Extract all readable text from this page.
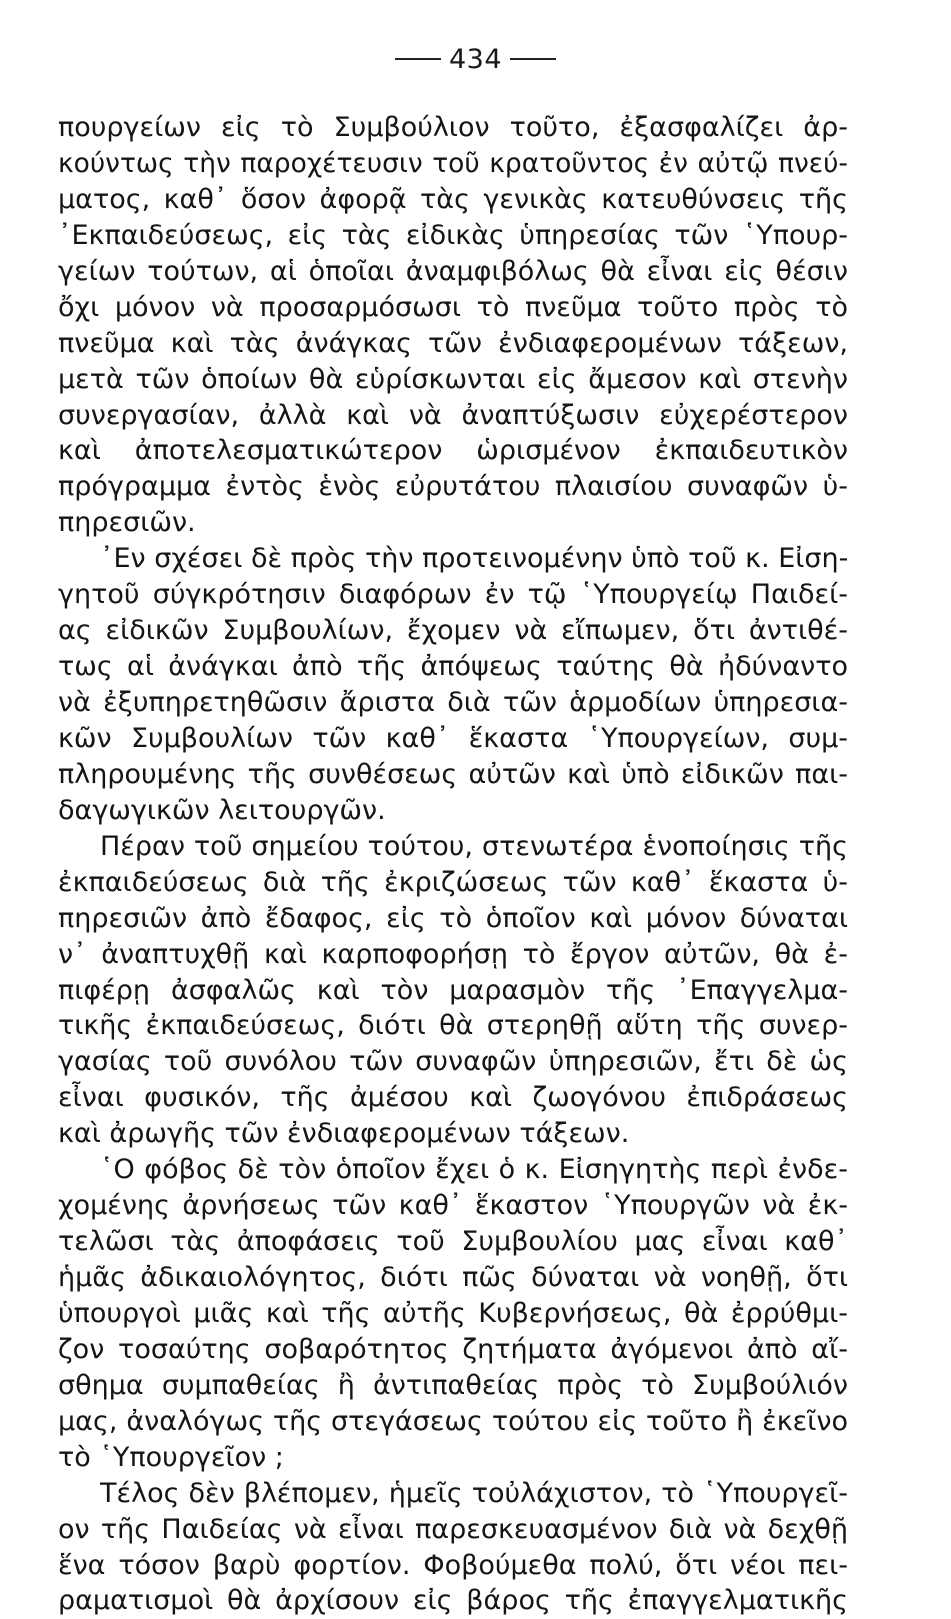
434
πουργείων εἰς τὸ Συμβούλιον τοῦτο, ἐξασφαλίζει ἀρ-
κούντως τὴν παροχέτευσιν τοῦ κρατοῦντος ἐν αὐτῷ πνεύ-
ματος, καθ᾽ ὅσον ἀφορᾷ τὰς γενικὰς κατευθύνσεις τῆς
᾽Εκπαιδεύσεως, εἰς τὰς εἰδικὰς ὑπηρεσίας τῶν ῾Υπουρ-
γείων τούτων, αἱ ὁποῖαι ἀναμφιβόλως θὰ εἶναι εἰς θέσιν
ὄχι μόνον νὰ προσαρμόσωσι τὸ πνεῦμα τοῦτο πρὸς τὸ
πνεῦμα καὶ τὰς ἀνάγκας τῶν ἐνδιαφερομένων τάξεων,
μετὰ τῶν ὁποίων θὰ εὑρίσκωνται εἰς ἄμεσον καὶ στενὴν
συνεργασίαν, ἀλλὰ καὶ νὰ ἀναπτύξωσιν εὐχερέστερον
καὶ ἀποτελεσματικώτερον ὡρισμένον ἐκπαιδευτικὸν
πρόγραμμα ἐντὸς ἑνὸς εὐρυτάτου πλαισίου συναφῶν ὑ-
πηρεσιῶν.
᾽Εν σχέσει δὲ πρὸς τὴν προτεινομένην ὑπὸ τοῦ κ. Εἰση-
γητοῦ σύγκρότησιν διαφόρων ἐν τῷ ῾Υπουργείῳ Παιδεί-
ας εἰδικῶν Συμβουλίων, ἔχομεν νὰ εἴπωμεν, ὅτι ἀντιθέ-
τως αἱ ἀνάγκαι ἀπὸ τῆς ἀπόψεως ταύτης θὰ ἠδύναντο
νὰ ἐξυπηρετηθῶσιν ἄριστα διὰ τῶν ἁρμοδίων ὑπηρεσια-
κῶν Συμβουλίων τῶν καθ᾽ ἕκαστα ῾Υπουργείων, συμ-
πληρουμένης τῆς συνθέσεως αὐτῶν καὶ ὑπὸ εἰδικῶν παι-
δαγωγικῶν λειτουργῶν.
Πέραν τοῦ σημείου τούτου, στενωτέρα ἑνοποίησις τῆς
ἐκπαιδεύσεως διὰ τῆς ἐκριζώσεως τῶν καθ᾽ ἕκαστα ὑ-
πηρεσιῶν ἀπὸ ἔδαφος, εἰς τὸ ὁποῖον καὶ μόνον δύναται
ν᾽ ἀναπτυχθῇ καὶ καρποφορήσῃ τὸ ἔργον αὐτῶν, θὰ ἐ-
πιφέρῃ ἀσφαλῶς καὶ τὸν μαρασμὸν τῆς ᾽Επαγγελμα-
τικῆς ἐκπαιδεύσεως, διότι θὰ στερηθῇ αὕτη τῆς συνερ-
γασίας τοῦ συνόλου τῶν συναφῶν ὑπηρεσιῶν, ἔτι δὲ ὡς
εἶναι φυσικόν, τῆς ἀμέσου καὶ ζωογόνου ἐπιδράσεως
καὶ ἀρωγῆς τῶν ἐνδιαφερομένων τάξεων.
῾Ο φόβος δὲ τὸν ὁποῖον ἔχει ὁ κ. Εἰσηγητὴς περὶ ἐνδε-
χομένης ἀρνήσεως τῶν καθ᾽ ἕκαστον ῾Υπουργῶν νὰ ἐκ-
τελῶσι τὰς ἀποφάσεις τοῦ Συμβουλίου μας εἶναι καθ᾽
ἡμᾶς ἀδικαιολόγητος, διότι πῶς δύναται νὰ νοηθῇ, ὅτι
ὑπουργοὶ μιᾶς καὶ τῆς αὐτῆς Κυβερνήσεως, θὰ ἐρρύθμι-
ζον τοσαύτης σοβαρότητος ζητήματα ἀγόμενοι ἀπὸ αἴ-
σθημα συμπαθείας ἢ ἀντιπαθείας πρὸς τὸ Συμβούλιόν
μας, ἀναλόγως τῆς στεγάσεως τούτου εἰς τοῦτο ἢ ἐκεῖνο
τὸ ῾Υπουργεῖον ;
Τέλος δὲν βλέπομεν, ἡμεῖς τοὐλάχιστον, τὸ ῾Υπουργεῖ-
ον τῆς Παιδείας νὰ εἶναι παρεσκευασμένον διὰ νὰ δεχθῇ
ἕνα τόσον βαρὺ φορτίον. Φοβούμεθα πολύ, ὅτι νέοι πει-
ραματισμοὶ θὰ ἀρχίσουν εἰς βάρος τῆς ἐπαγγελματικῆς
